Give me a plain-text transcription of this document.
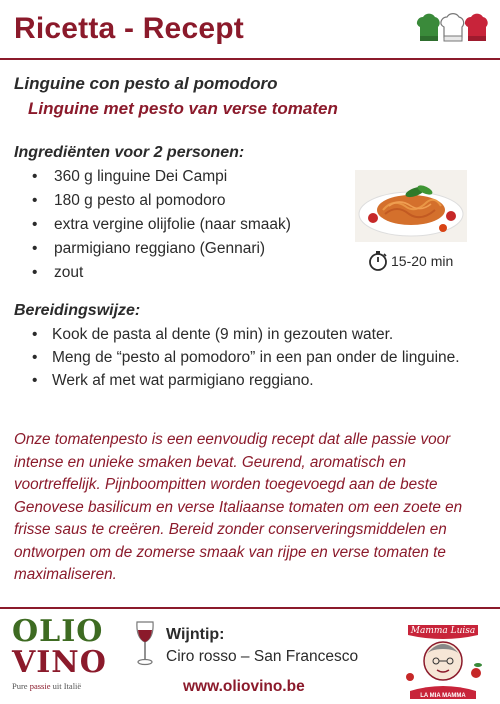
Ricetta - Recept
Linguine con pesto al pomodoro
Linguine met pesto van verse tomaten
Ingrediënten voor 2 personen:
• 360 g linguine Dei Campi
• 180 g pesto al pomodoro
• extra vergine olijfolie (naar smaak)
• parmigiano reggiano (Gennari)
• zout
15-20 min
Bereidingswijze:
• Kook de pasta al dente (9 min) in gezouten water.
• Meng de “pesto al pomodoro” in een pan onder de linguine.
• Werk af met wat parmigiano reggiano.
Onze tomatenpesto is een eenvoudig recept dat alle passie voor intense en unieke smaken bevat. Geurend, aromatisch en voortreffelijk. Pijnboompitten worden toegevoegd aan de beste Genovese basilicum en verse Italiaanse tomaten om een zoete en frisse saus te creëren. Bereid zonder conserveringsmiddelen en ontworpen om de zomerse smaak van rijpe en verse tomaten te maximaliseren.
OLIO
VINO
Pure passie uit Italië
Wijntip:
Ciro rosso – San Francesco
www.oliovino.be
Mamma Luisa
LA MIA MAMMA
